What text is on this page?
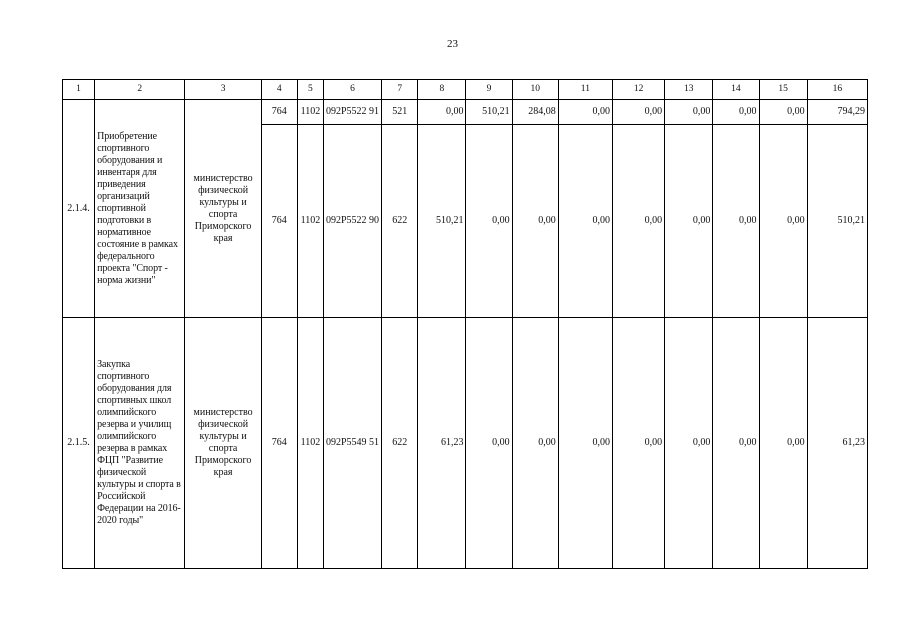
23
1	2	3	4	5	6	7	8	9	10	11	12	13	14	15	16
2.1.4.	Приобретение спортивного оборудования и инвентаря для приведения организаций спортивной подготовки в нормативное состояние в рамках федерального проекта "Спорт - норма жизни"	министерство физической культуры и спорта Приморского края	764	1102	092P5522 91	521	0,00	510,21	284,08	0,00	0,00	0,00	0,00	0,00	794,29
			764	1102	092P5522 90	622	510,21	0,00	0,00	0,00	0,00	0,00	0,00	0,00	510,21
2.1.5.	Закупка спортивного оборудования для спортивных школ олимпийского резерва и училищ олимпийского резерва в рамках ФЦП "Развитие физической культуры и спорта в Российской Федерации на 2016-2020 годы"	министерство физической культуры и спорта Приморского края	764	1102	092P5549 51	622	61,23	0,00	0,00	0,00	0,00	0,00	0,00	0,00	61,23
